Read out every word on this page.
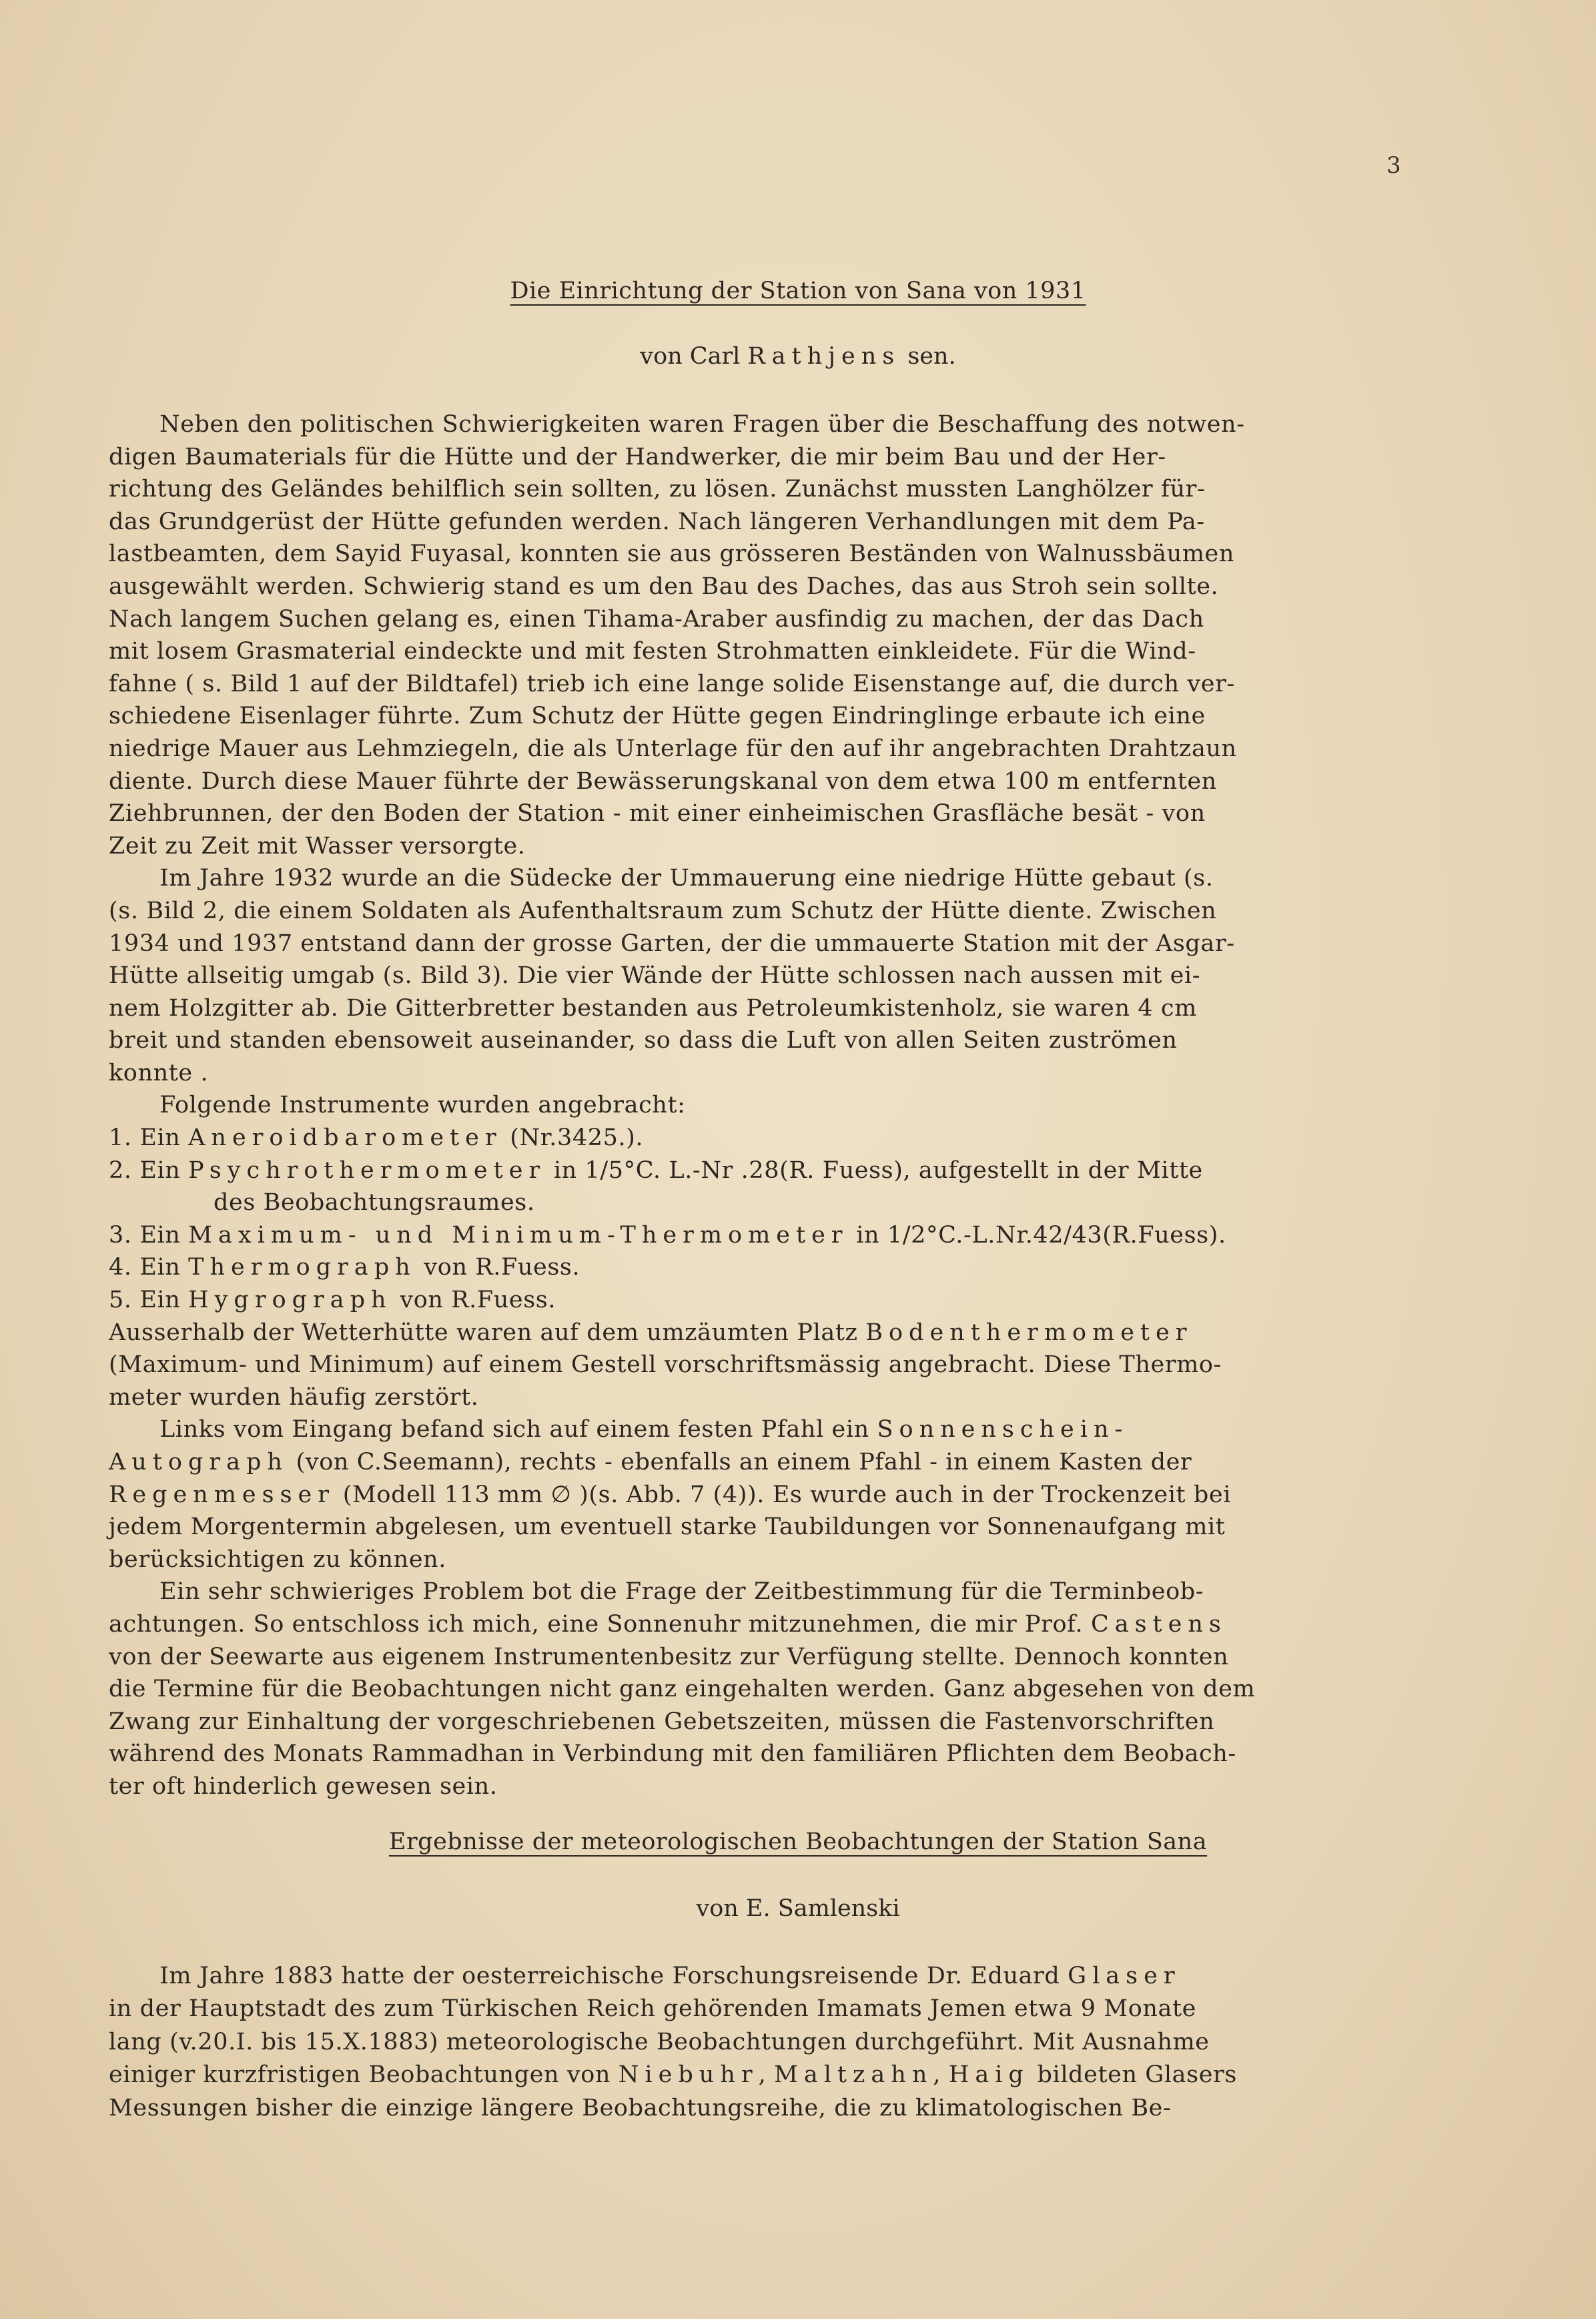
3
Die Einrichtung der Station von Sana von 1931
von Carl Rathjens sen.
Neben den politischen Schwierigkeiten waren Fragen über die Beschaffung des notwen-
digen Baumaterials für die Hütte und der Handwerker, die mir beim Bau und der Her-
richtung des Geländes behilflich sein sollten, zu lösen. Zunächst mussten Langhölzer für-
das Grundgerüst der Hütte gefunden werden. Nach längeren Verhandlungen mit dem Pa-
lastbeamten, dem Sayid Fuyasal, konnten sie aus grösseren Beständen von Walnussbäumen
ausgewählt werden. Schwierig stand es um den Bau des Daches, das aus Stroh sein sollte.
Nach langem Suchen gelang es, einen Tihama-Araber ausfindig zu machen, der das Dach
mit losem Grasmaterial eindeckte und mit festen Strohmatten einkleidete. Für die Wind-
fahne ( s. Bild 1 auf der Bildtafel) trieb ich eine lange solide Eisenstange auf, die durch ver-
schiedene Eisenlager führte. Zum Schutz der Hütte gegen Eindringlinge erbaute ich eine
niedrige Mauer aus Lehmziegeln, die als Unterlage für den auf ihr angebrachten Drahtzaun
diente. Durch diese Mauer führte der Bewässerungskanal von dem etwa 100 m entfernten
Ziehbrunnen, der den Boden der Station - mit einer einheimischen Grasfläche besät - von
Zeit zu Zeit mit Wasser versorgte.
Im Jahre 1932 wurde an die Südecke der Ummauerung eine niedrige Hütte gebaut (s.
(s. Bild 2, die einem Soldaten als Aufenthaltsraum zum Schutz der Hütte diente. Zwischen
1934 und 1937 entstand dann der grosse Garten, der die ummauerte Station mit der Asgar-
Hütte allseitig umgab (s. Bild 3). Die vier Wände der Hütte schlossen nach aussen mit ei-
nem Holzgitter ab. Die Gitterbretter bestanden aus Petroleumkistenholz, sie waren 4 cm
breit und standen ebensoweit auseinander, so dass die Luft von allen Seiten zuströmen
konnte .
Folgende Instrumente wurden angebracht:
1. Ein Aneroidbarometer (Nr.3425.).
2. Ein Psychrothermometer in 1/5°C. L.-Nr .28(R. Fuess), aufgestellt in der Mitte
des Beobachtungsraumes.
3. Ein Maximum- und Minimum-Thermometer in 1/2°C.-L.Nr.42/43(R.Fuess).
4. Ein Thermograph von R.Fuess.
5. Ein Hygrograph von R.Fuess.
Ausserhalb der Wetterhütte waren auf dem umzäumten Platz Bodenthermometer
(Maximum- und Minimum) auf einem Gestell vorschriftsmässig angebracht. Diese Thermo-
meter wurden häufig zerstört.
Links vom Eingang befand sich auf einem festen Pfahl ein Sonnenschein-
Autograph (von C.Seemann), rechts - ebenfalls an einem Pfahl - in einem Kasten der
Regenmesser (Modell 113 mm ∅ )(s. Abb. 7 (4)). Es wurde auch in der Trockenzeit bei
jedem Morgentermin abgelesen, um eventuell starke Taubildungen vor Sonnenaufgang mit
berücksichtigen zu können.
Ein sehr schwieriges Problem bot die Frage der Zeitbestimmung für die Terminbeob-
achtungen. So entschloss ich mich, eine Sonnenuhr mitzunehmen, die mir Prof. Castens
von der Seewarte aus eigenem Instrumentenbesitz zur Verfügung stellte. Dennoch konnten
die Termine für die Beobachtungen nicht ganz eingehalten werden. Ganz abgesehen von dem
Zwang zur Einhaltung der vorgeschriebenen Gebetszeiten, müssen die Fastenvorschriften
während des Monats Rammadhan in Verbindung mit den familiären Pflichten dem Beobach-
ter oft hinderlich gewesen sein.
Ergebnisse der meteorologischen Beobachtungen der Station Sana
von E. Samlenski
Im Jahre 1883 hatte der oesterreichische Forschungsreisende Dr. Eduard Glaser
in der Hauptstadt des zum Türkischen Reich gehörenden Imamats Jemen etwa 9 Monate
lang (v.20.I. bis 15.X.1883) meteorologische Beobachtungen durchgeführt. Mit Ausnahme
einiger kurzfristigen Beobachtungen von Niebuhr, Maltzahn, Haig bildeten Glasers
Messungen bisher die einzige längere Beobachtungsreihe, die zu klimatologischen Be-
